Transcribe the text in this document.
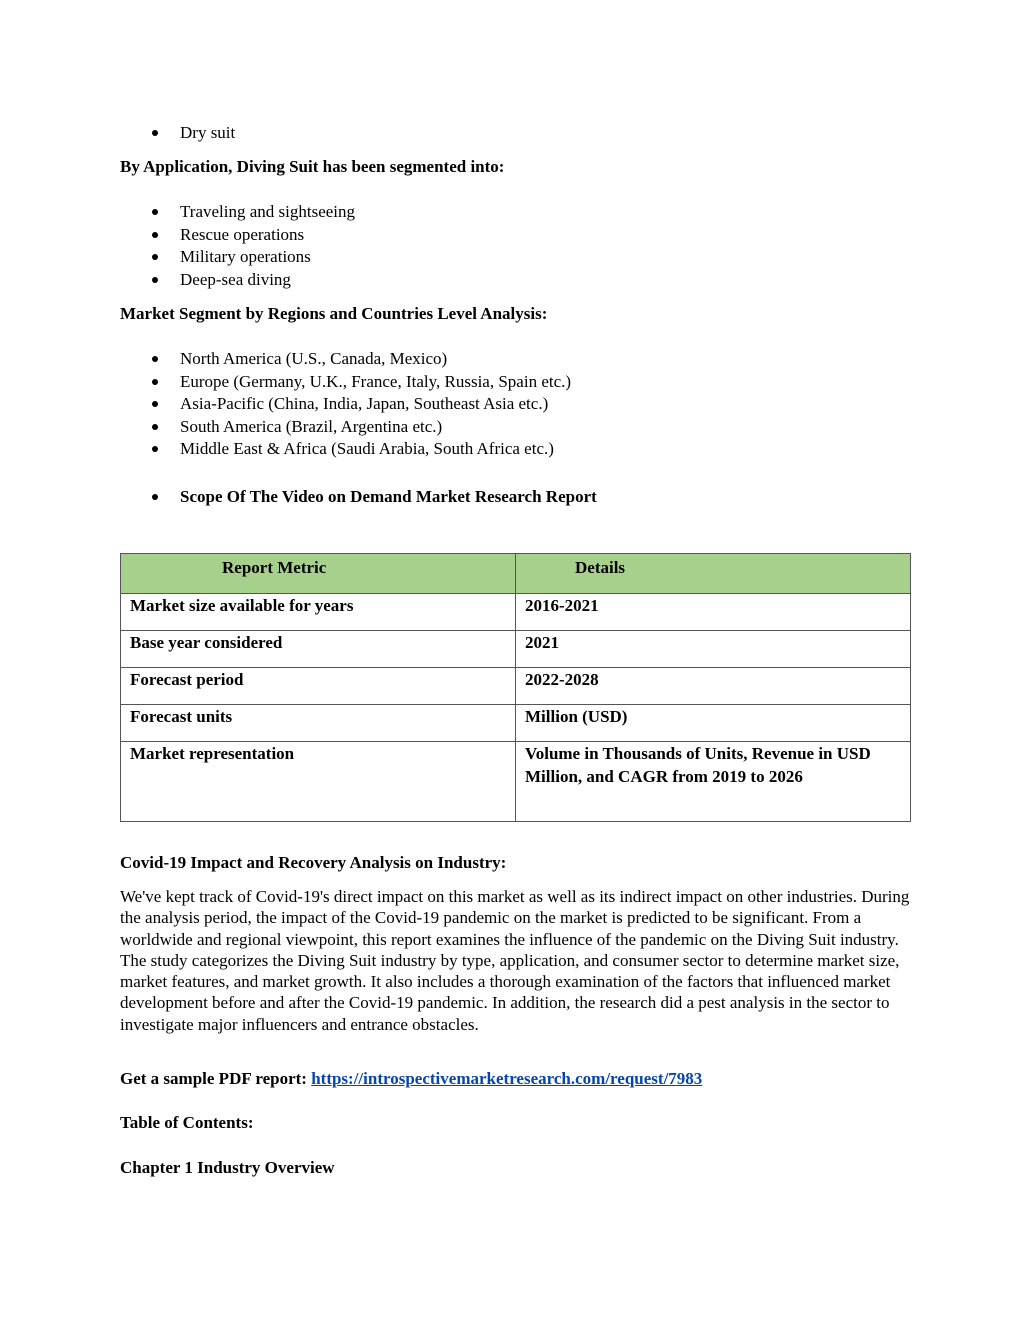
Dry suit
By Application, Diving Suit has been segmented into:
Traveling and sightseeing
Rescue operations
Military operations
Deep-sea diving
Market Segment by Regions and Countries Level Analysis:
North America (U.S., Canada, Mexico)
Europe (Germany, U.K., France, Italy, Russia, Spain etc.)
Asia-Pacific (China, India, Japan, Southeast Asia etc.)
South America (Brazil, Argentina etc.)
Middle East & Africa (Saudi Arabia, South Africa etc.)
Scope Of The Video on Demand Market Research Report
Report Metric	Details
Market size available for years	2016-2021
Base year considered	2021
Forecast period	2022-2028
Forecast units	Million (USD)
Market representation	Volume in Thousands of Units, Revenue in USD Million, and CAGR from 2019 to 2026
Covid-19 Impact and Recovery Analysis on Industry:
We've kept track of Covid-19's direct impact on this market as well as its indirect impact on other industries. During the analysis period, the impact of the Covid-19 pandemic on the market is predicted to be significant. From a worldwide and regional viewpoint, this report examines the influence of the pandemic on the Diving Suit industry. The study categorizes the Diving Suit industry by type, application, and consumer sector to determine market size, market features, and market growth. It also includes a thorough examination of the factors that influenced market development before and after the Covid-19 pandemic. In addition, the research did a pest analysis in the sector to investigate major influencers and entrance obstacles.
Get a sample PDF report: https://introspectivemarketresearch.com/request/7983
Table of Contents:
Chapter 1 Industry Overview
